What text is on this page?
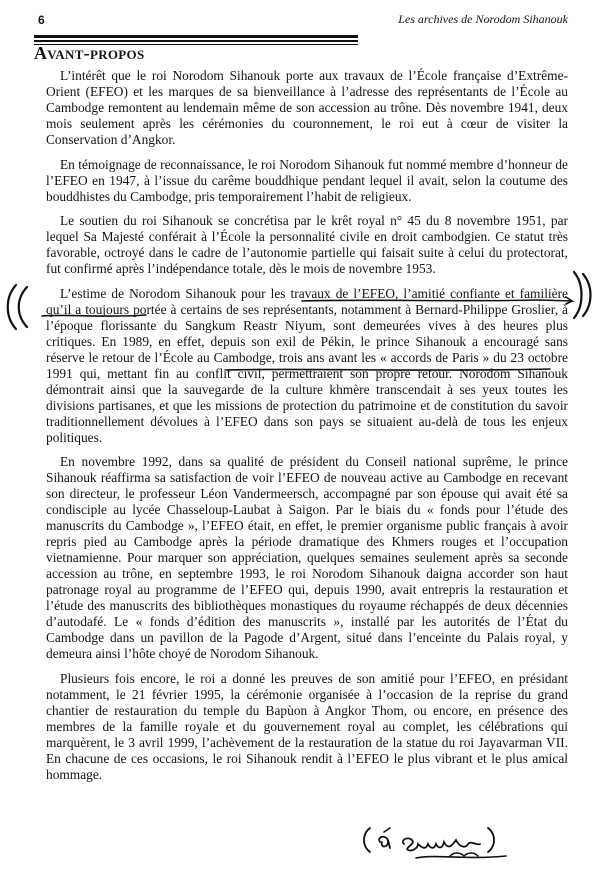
6	Les archives de Norodom Sihanouk
Avant-propos

L’intérêt que le roi Norodom Sihanouk porte aux travaux de l’École française d’Extrême-Orient (EFEO) et les marques de sa bienveillance à l’adresse des représentants de l’École au Cambodge remontent au lendemain même de son accession au trône. Dès novembre 1941, deux mois seulement après les cérémonies du couronnement, le roi eut à cœur de visiter la Conservation d’Angkor.

En témoignage de reconnaissance, le roi Norodom Sihanouk fut nommé membre d’honneur de l’EFEO en 1947, à l’issue du carême bouddhique pendant lequel il avait, selon la coutume des bouddhistes du Cambodge, pris temporairement l’habit de religieux.

Le soutien du roi Sihanouk se concrétisa par le krêt royal n° 45 du 8 novembre 1951, par lequel Sa Majesté conférait à l’École la personnalité civile en droit cambodgien. Ce statut très favorable, octroyé dans le cadre de l’autonomie partielle qui faisait suite à celui du protectorat, fut confirmé après l’indépendance totale, dès le mois de novembre 1953.

L’estime de Norodom Sihanouk pour les travaux de l’EFEO, l’amitié confiante et familière qu’il a toujours portée à certains de ses représentants, notamment à Bernard-Philippe Groslier, à l’époque florissante du Sangkum Reastr Niyum, sont demeurées vives à des heures plus critiques. En 1989, en effet, depuis son exil de Pékin, le prince Sihanouk a encouragé sans réserve le retour de l’École au Cambodge, trois ans avant les « accords de Paris » du 23 octobre 1991 qui, mettant fin au conflit civil, permettraient son propre retour. Norodom Sihanouk démontrait ainsi que la sauvegarde de la culture khmère transcendait à ses yeux toutes les divisions partisanes, et que les missions de protection du patrimoine et de constitution du savoir traditionnellement dévolues à l’EFEO dans son pays se situaient au-delà de tous les enjeux politiques.

En novembre 1992, dans sa qualité de président du Conseil national suprême, le prince Sihanouk réaffirma sa satisfaction de voir l’EFEO de nouveau active au Cambodge en recevant son directeur, le professeur Léon Vandermeersch, accompagné par son épouse qui avait été sa condisciple au lycée Chasseloup-Laubat à Saigon. Par le biais du « fonds pour l’étude des manuscrits du Cambodge », l’EFEO était, en effet, le premier organisme public français à avoir repris pied au Cambodge après la période dramatique des Khmers rouges et l’occupation vietnamienne. Pour marquer son appréciation, quelques semaines seulement après sa seconde accession au trône, en septembre 1993, le roi Norodom Sihanouk daigna accorder son haut patronage royal au programme de l’EFEO qui, depuis 1990, avait entrepris la restauration et l’étude des manuscrits des bibliothèques monastiques du royaume réchappés de deux décennies d’autodafé. Le « fonds d’édition des manuscrits », installé par les autorités de l’État du Cambodge dans un pavillon de la Pagode d’Argent, situé dans l’enceinte du Palais royal, y demeura ainsi l’hôte choyé de Norodom Sihanouk.

Plusieurs fois encore, le roi a donné les preuves de son amitié pour l’EFEO, en présidant notamment, le 21 février 1995, la cérémonie organisée à l’occasion de la reprise du grand chantier de restauration du temple du Bapùon à Angkor Thom, ou encore, en présence des membres de la famille royale et du gouvernement royal au complet, les célébrations qui marquèrent, le 3 avril 1999, l’achèvement de la restauration de la statue du roi Jayavarman VII. En chacune de ces occasions, le roi Sihanouk rendit à l’EFEO le plus vibrant et le plus amical hommage.
